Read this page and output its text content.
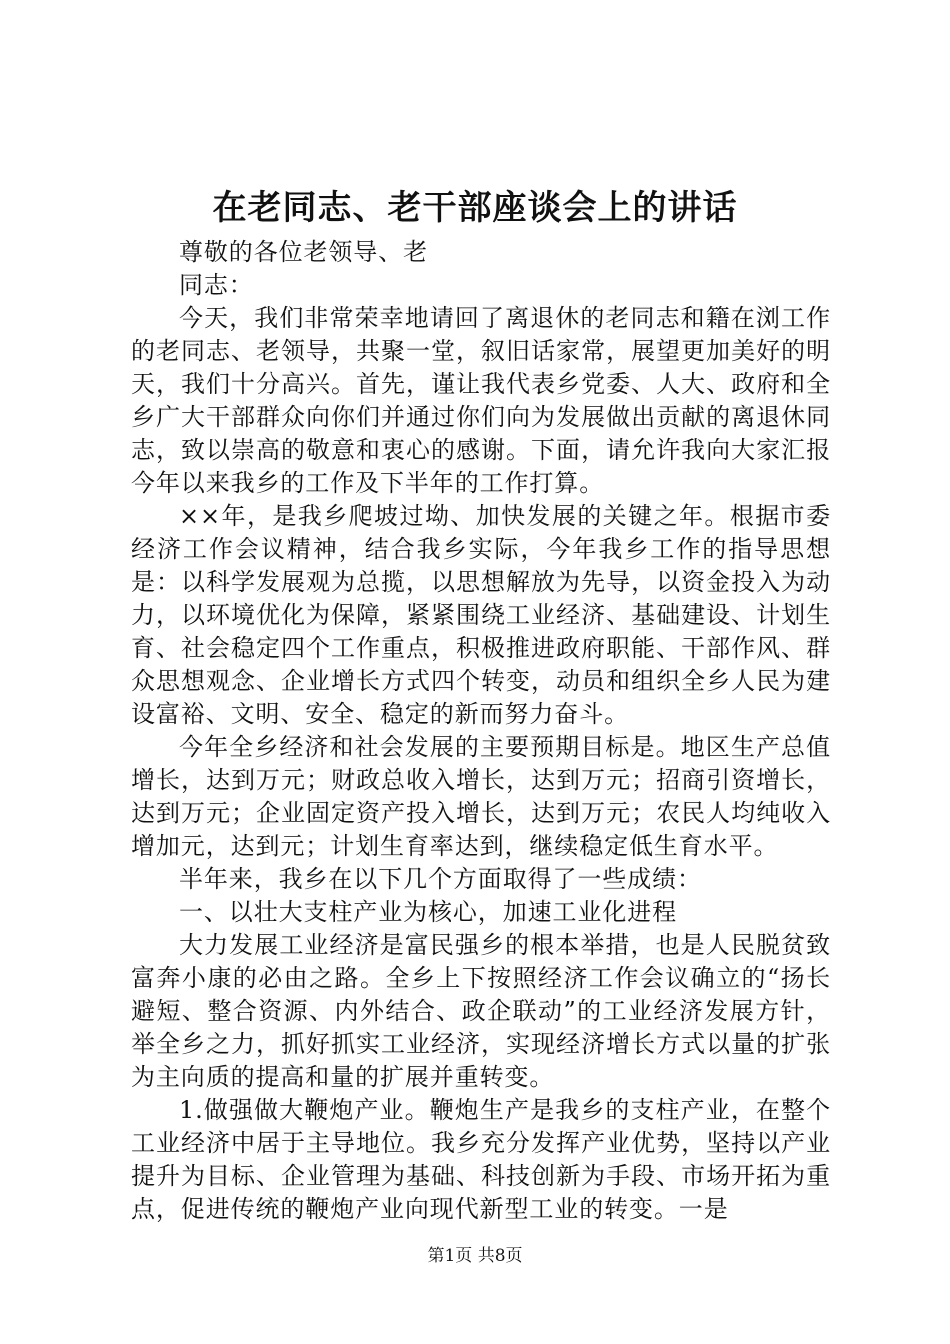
在老同志、老干部座谈会上的讲话

尊敬的各位老领导、老

同志：

今天，我们非常荣幸地请回了离退休的老同志和籍在浏工作的老同志、老领导，共聚一堂，叙旧话家常，展望更加美好的明天，我们十分高兴。首先，谨让我代表乡党委、人大、政府和全乡广大干部群众向你们并通过你们向为发展做出贡献的离退休同志，致以崇高的敬意和衷心的感谢。下面，请允许我向大家汇报今年以来我乡的工作及下半年的工作打算。

××年，是我乡爬坡过坳、加快发展的关键之年。根据市委经济工作会议精神，结合我乡实际，今年我乡工作的指导思想是：以科学发展观为总揽，以思想解放为先导，以资金投入为动力，以环境优化为保障，紧紧围绕工业经济、基础建设、计划生育、社会稳定四个工作重点，积极推进政府职能、干部作风、群众思想观念、企业增长方式四个转变，动员和组织全乡人民为建设富裕、文明、安全、稳定的新而努力奋斗。

今年全乡经济和社会发展的主要预期目标是。地区生产总值增长，达到万元；财政总收入增长，达到万元；招商引资增长，达到万元；企业固定资产投入增长，达到万元；农民人均纯收入增加元，达到元；计划生育率达到，继续稳定低生育水平。

半年来，我乡在以下几个方面取得了一些成绩：

一、以壮大支柱产业为核心，加速工业化进程

大力发展工业经济是富民强乡的根本举措，也是人民脱贫致富奔小康的必由之路。全乡上下按照经济工作会议确立的“扬长避短、整合资源、内外结合、政企联动”的工业经济发展方针，举全乡之力，抓好抓实工业经济，实现经济增长方式以量的扩张为主向质的提高和量的扩展并重转变。

1.做强做大鞭炮产业。鞭炮生产是我乡的支柱产业，在整个工业经济中居于主导地位。我乡充分发挥产业优势，坚持以产业提升为目标、企业管理为基础、科技创新为手段、市场开拓为重点，促进传统的鞭炮产业向现代新型工业的转变。一是

第1页 共8页
